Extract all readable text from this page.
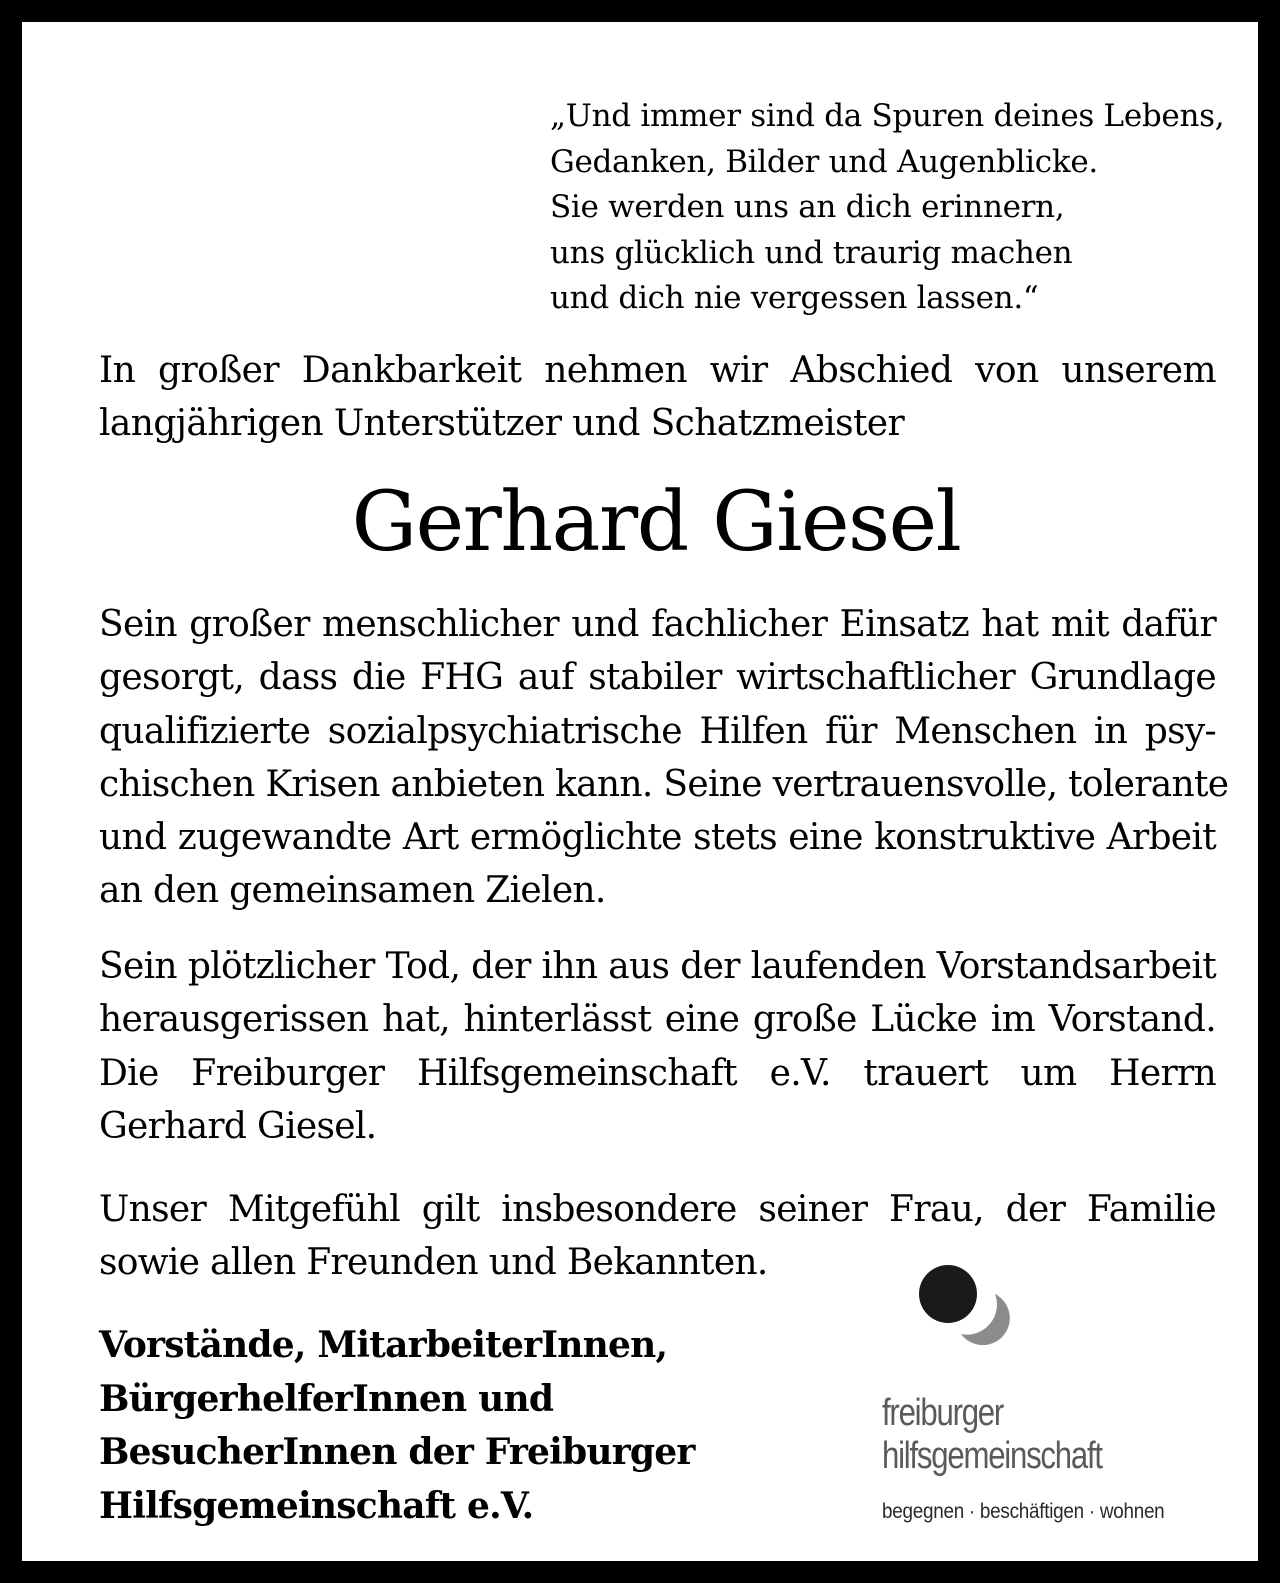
„Und immer sind da Spuren deines Lebens,
Gedanken, Bilder und Augenblicke.
Sie werden uns an dich erinnern,
uns glücklich und traurig machen
und dich nie vergessen lassen.“
In großer Dankbarkeit nehmen wir Abschied von unserem
langjährigen Unterstützer und Schatzmeister
Gerhard Giesel
Sein großer menschlicher und fachlicher Einsatz hat mit dafür
gesorgt, dass die FHG auf stabiler wirtschaftlicher Grundlage
qualifizierte sozialpsychiatrische Hilfen für Menschen in psy-
chischen Krisen anbieten kann. Seine vertrauensvolle, tolerante
und zugewandte Art ermöglichte stets eine konstruktive Arbeit
an den gemeinsamen Zielen.
Sein plötzlicher Tod, der ihn aus der laufenden Vorstandsarbeit
herausgerissen hat, hinterlässt eine große Lücke im Vorstand.
Die Freiburger Hilfsgemeinschaft e.V. trauert um Herrn
Gerhard Giesel.
Unser Mitgefühl gilt insbesondere seiner Frau, der Familie
sowie allen Freunden und Bekannten.
Vorstände, MitarbeiterInnen,
BürgerhelferInnen und
BesucherInnen der Freiburger
Hilfsgemeinschaft e.V.
freiburger
hilfsgemeinschaft
begegnen · beschäftigen · wohnen
